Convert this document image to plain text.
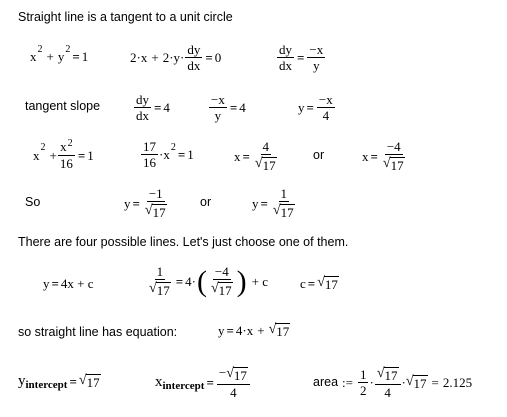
Straight line is a tangent to a unit circle
x 2 + y 2 = 1	$2\cdot x + 2\cdot y \cdot \frac{dy}{dx} = 0$	$\frac{dy}{dx} = \frac{-x}{y}$
tangent slope	$\frac{dy}{dx} = 4$	$\frac{-x}{y} = 4$	$y = \frac{-x}{4}$
x $2 + \frac{x^2}{16} = 1$	$\frac{17}{16} \cdot x$ 2 = 1	$x = \frac{4}{√ 17}$	or	$x = \frac{-4}{√ 17}$
So	$y = \frac{-1}{√ 17}$	or	$y = \frac{1}{√ 17}$
There are four possible lines. Let's just choose one of them.
y = 4x + c	$\frac{1}{√ 17} = 4\cdot$ ( $\frac{-4}{√ 17}$ ) + c c = √ 17
so straight line has equation:	y = 4·x + √ 17
y intercept = √ 17	x intercept = $\frac{- √ 17}{4}$	area := $\frac{1}{2} \cdot \frac{√ 17}{4}$ · √ 17 = 2.125
